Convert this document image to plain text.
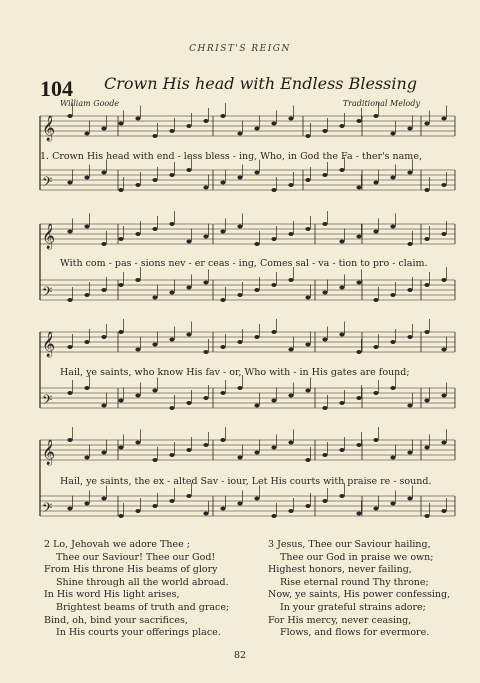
CHRIST'S REIGN
104 Crown His head with Endless Blessing
William Goode	Traditional Melody
𝄞
𝄢
𝄞
𝄢
𝄞
𝄢
𝄞
𝄢
1. Crown His head with end - less bless - ing, Who, in God the Fa - ther's name,
With com - pas - sions nev - er ceas - ing, Comes sal - va - tion to pro - claim.
Hail, ye saints, who know His fav - or, Who with - in His gates are found;
Hail, ye saints, the ex - alted Sav - iour, Let His courts with praise re - sound.
2 Lo, Jehovah we adore Thee ;
Thee our Saviour! Thee our God!
From His throne His beams of glory
Shine through all the world abroad.
In His word His light arises,
Brightest beams of truth and grace;
Bind, oh, bind your sacrifices,
In His courts your offerings place.
3 Jesus, Thee our Saviour hailing,
Thee our God in praise we own;
Highest honors, never failing,
Rise eternal round Thy throne;
Now, ye saints, His power confessing,
In your grateful strains adore;
For His mercy, never ceasing,
Flows, and flows for evermore.
82
